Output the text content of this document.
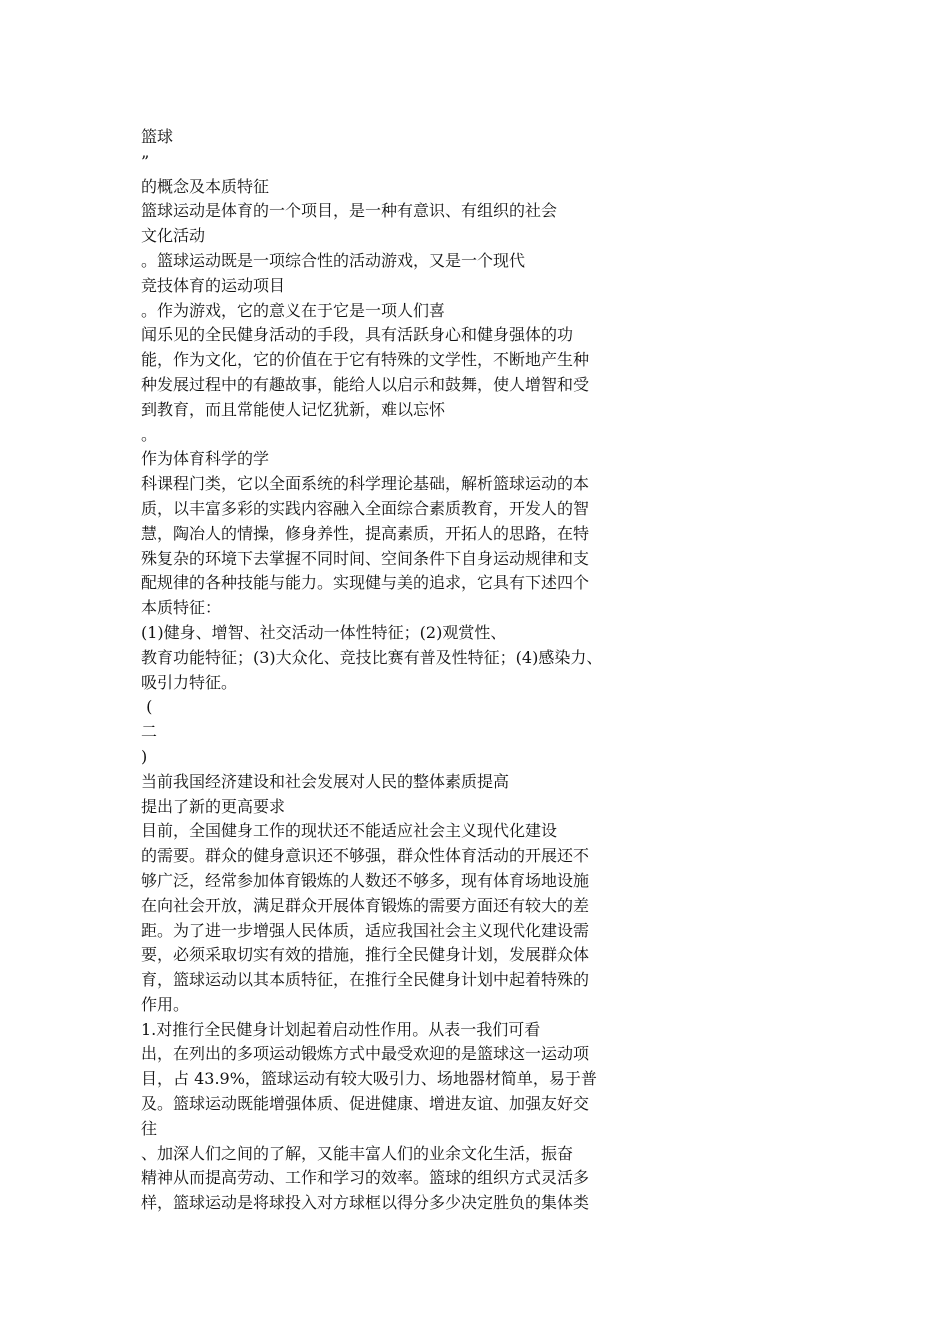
篮球
”
的概念及本质特征
篮球运动是体育的一个项目，是一种有意识、有组织的社会
文化活动
。篮球运动既是一项综合性的活动游戏，又是一个现代
竞技体育的运动项目
。作为游戏，它的意义在于它是一项人们喜
闻乐见的全民健身活动的手段，具有活跃身心和健身强体的功
能，作为文化，它的价值在于它有特殊的文学性，不断地产生种
种发展过程中的有趣故事，能给人以启示和鼓舞，使人增智和受
到教育，而且常能使人记忆犹新，难以忘怀
。
作为体育科学的学
科课程门类，它以全面系统的科学理论基础，解析篮球运动的本
质，以丰富多彩的实践内容融入全面综合素质教育，开发人的智
慧，陶冶人的情操，修身养性，提高素质，开拓人的思路，在特
殊复杂的环境下去掌握不同时间、空间条件下自身运动规律和支
配规律的各种技能与能力。实现健与美的追求，它具有下述四个
本质特征：
(1)健身、增智、社交活动一体性特征；(2)观赏性、
教育功能特征；(3)大众化、竞技比赛有普及性特征；(4)感染力、
吸引力特征。
(
二
)
当前我国经济建设和社会发展对人民的整体素质提高
提出了新的更高要求
目前，全国健身工作的现状还不能适应社会主义现代化建设
的需要。群众的健身意识还不够强，群众性体育活动的开展还不
够广泛，经常参加体育锻炼的人数还不够多，现有体育场地设施
在向社会开放，满足群众开展体育锻炼的需要方面还有较大的差
距。为了进一步增强人民体质，适应我国社会主义现代化建设需
要，必须采取切实有效的措施，推行全民健身计划，发展群众体
育，篮球运动以其本质特征，在推行全民健身计划中起着特殊的
作用。
1.对推行全民健身计划起着启动性作用。从表一我们可看
出，在列出的多项运动锻炼方式中最受欢迎的是篮球这一运动项
目，占 43.9%，篮球运动有较大吸引力、场地器材简单，易于普
及。篮球运动既能增强体质、促进健康、增进友谊、加强友好交
往
、加深人们之间的了解，又能丰富人们的业余文化生活，振奋
精神从而提高劳动、工作和学习的效率。篮球的组织方式灵活多
样，篮球运动是将球投入对方球框以得分多少决定胜负的集体类
